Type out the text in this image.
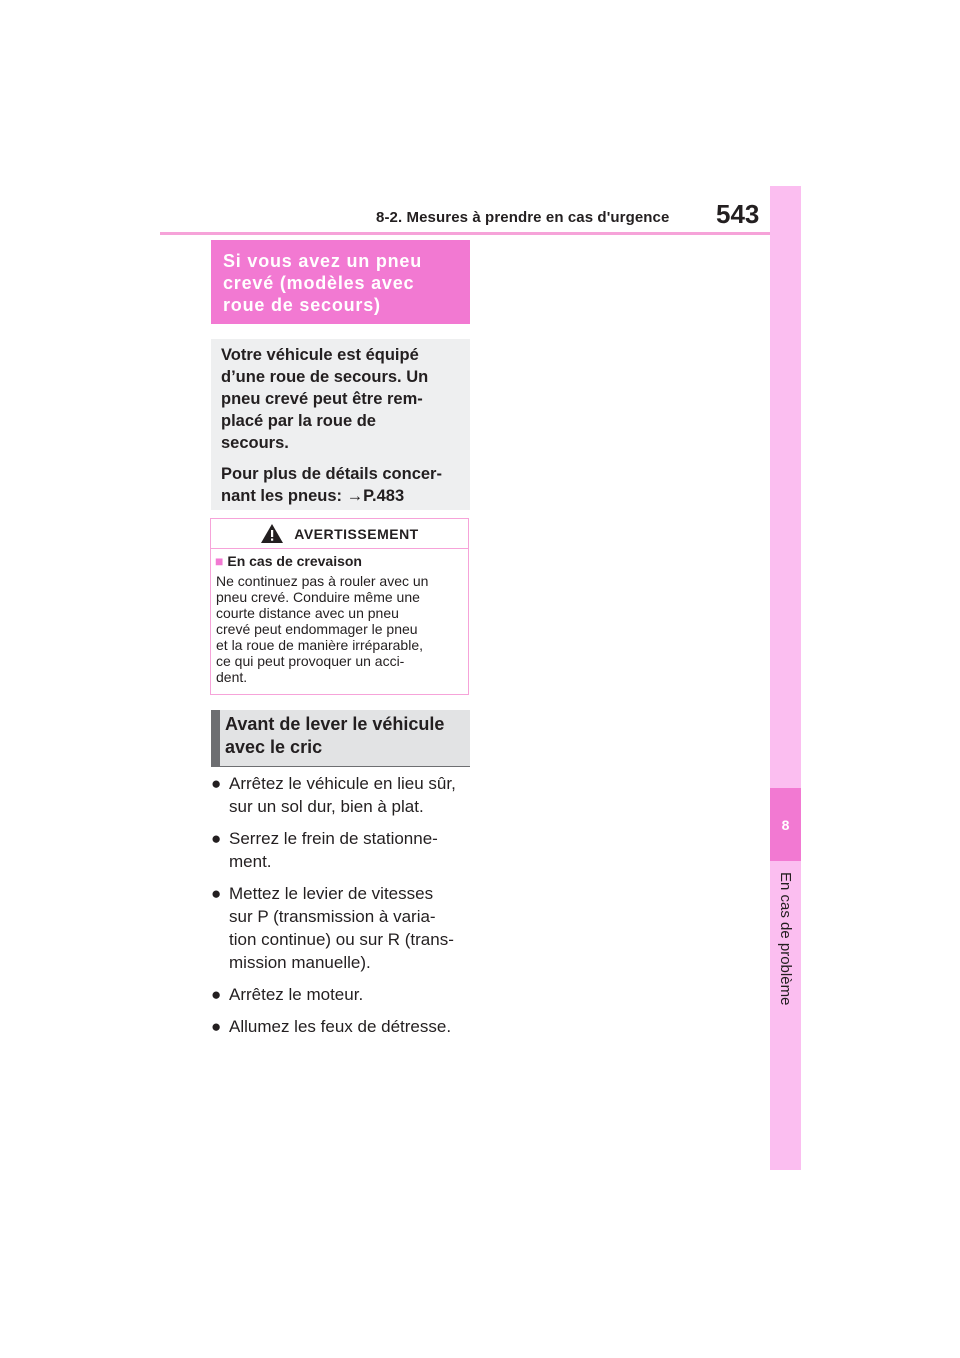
8-2. Mesures à prendre en cas d'urgence 543
8
En cas de problème
Si vous avez un pneu
crevé (modèles avec
roue de secours)

Votre véhicule est équipé
d’une roue de secours. Un
pneu crevé peut être rem-
placé par la roue de
secours.

Pour plus de détails concer-
nant les pneus: →P.483

AVERTISSEMENT
■ En cas de crevaison
Ne continuez pas à rouler avec un
pneu crevé. Conduire même une
courte distance avec un pneu
crevé peut endommager le pneu
et la roue de manière irréparable,
ce qui peut provoquer un acci-
dent.
Avant de lever le véhicule
avec le cric
● Arrêtez le véhicule en lieu sûr,
sur un sol dur, bien à plat.
● Serrez le frein de stationne-
ment.
● Mettez le levier de vitesses
sur P (transmission à varia-
tion continue) ou sur R (trans-
mission manuelle).
● Arrêtez le moteur.
● Allumez les feux de détresse.
